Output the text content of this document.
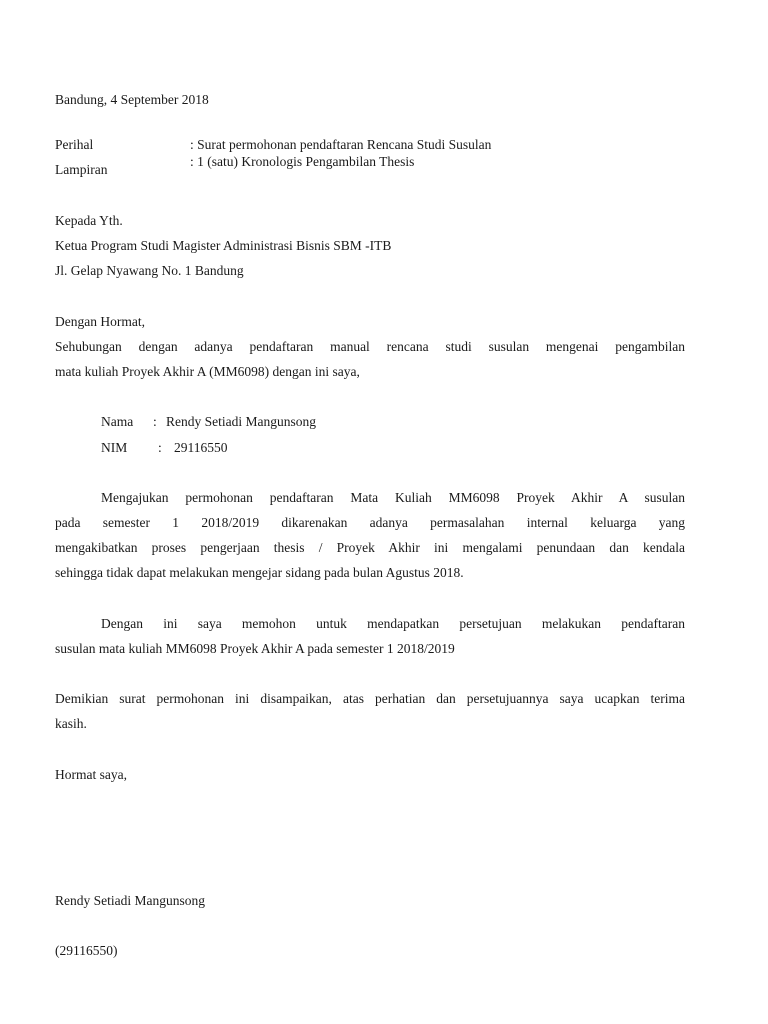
Bandung, 4 September 2018
Perihal	: Surat permohonan pendaftaran Rencana Studi Susulan
Lampiran
: 1 (satu) Kronologis Pengambilan Thesis
Kepada Yth.
Ketua Program Studi Magister Administrasi Bisnis SBM -ITB
Jl. Gelap Nyawang No. 1 Bandung
Dengan Hormat,
Sehubungan dengan adanya pendaftaran manual rencana studi susulan mengenai pengambilan
mata kuliah Proyek Akhir A (MM6098) dengan ini saya,
Nama : Rendy Setiadi Mangunsong
NIM : 29116550
Mengajukan permohonan pendaftaran Mata Kuliah MM6098 Proyek Akhir A susulan
pada semester 1 2018/2019 dikarenakan adanya permasalahan internal keluarga yang
mengakibatkan proses pengerjaan thesis / Proyek Akhir ini mengalami penundaan dan kendala
sehingga tidak dapat melakukan mengejar sidang pada bulan Agustus 2018.
Dengan ini saya memohon untuk mendapatkan persetujuan melakukan pendaftaran
susulan mata kuliah MM6098 Proyek Akhir A pada semester 1 2018/2019
Demikian surat permohonan ini disampaikan, atas perhatian dan persetujuannya saya ucapkan terima
kasih.
Hormat saya,
Rendy Setiadi Mangunsong
(29116550)
